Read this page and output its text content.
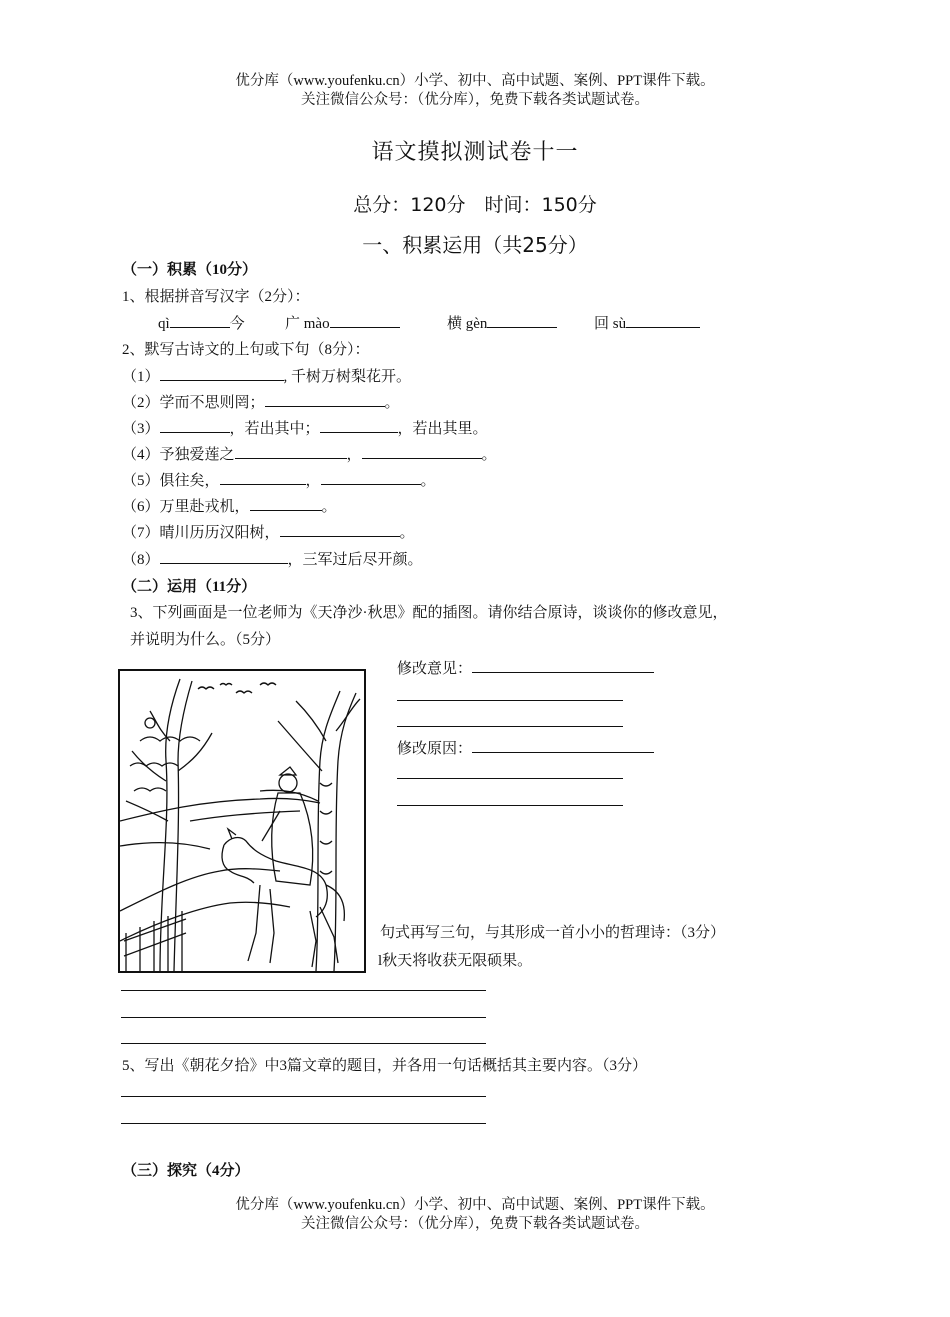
优分库（www.youfenku.cn）小学、初中、高中试题、案例、PPT课件下载。
关注微信公众号：（优分库），免费下载各类试题试卷。
语文摸拟测试卷十一
总分：120分　时间：150分
一、积累运用（共25分）
（一）积累（10分）
1、根据拼音写汉字（2分）：
qì	今	广 mào	横 gèn	回 sù
2、默写古诗文的上句或下句（8分）：
（1）	, 千树万树梨花开。
（2）学而不思则罔；	。
（3）	，若出其中；	，若出其里。
（4）予独爱莲之	，	。
（5）俱往矣，	，	。
（6）万里赴戎机，	。
（7）晴川历历汉阳树，	。
（8）	，三军过后尽开颜。
（二）运用（11分）
3、下列画面是一位老师为《天净沙·秋思》配的插图。请你结合原诗，谈谈你的修改意见，
并说明为什么。（5分）
修改意见：
修改原因：
句式再写三句，与其形成一首小小的哲理诗：（3分）
l秋天将收获无限硕果。
5、写出《朝花夕拾》中3篇文章的题目，并各用一句话概括其主要内容。（3分）
（三）探究（4分）
优分库（www.youfenku.cn）小学、初中、高中试题、案例、PPT课件下载。
关注微信公众号：（优分库），免费下载各类试题试卷。
